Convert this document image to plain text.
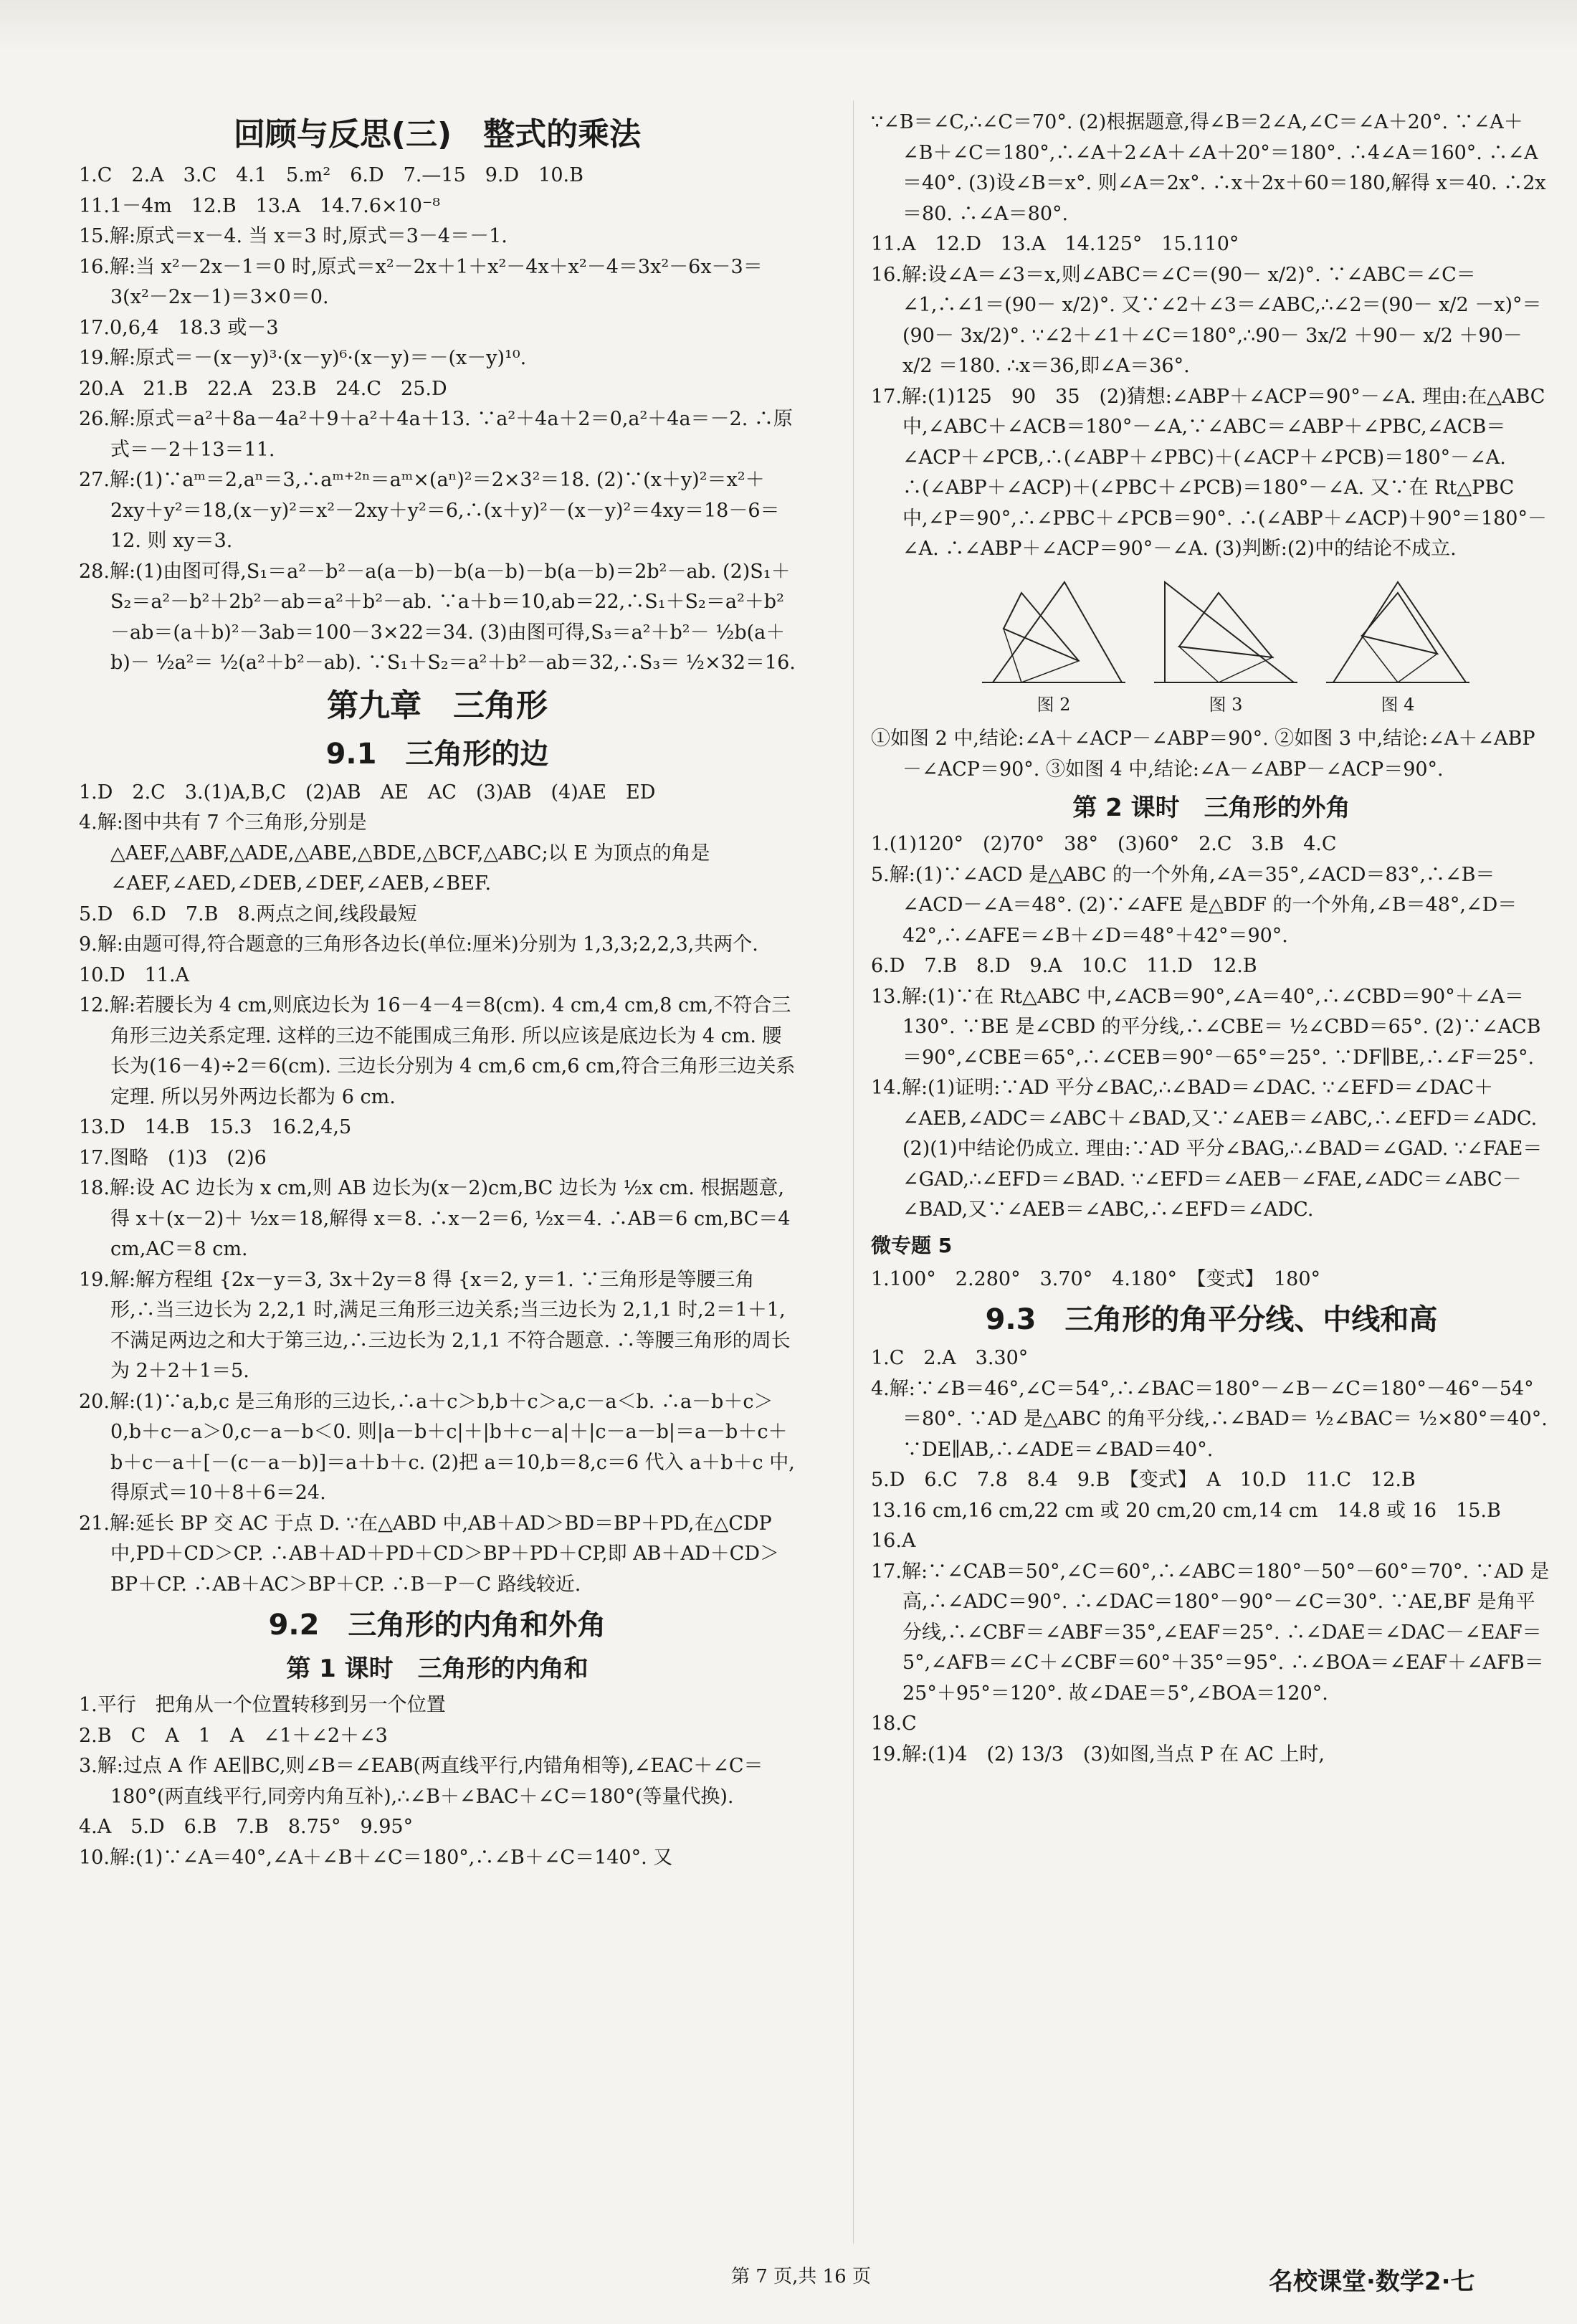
回顾与反思(三)　整式的乘法

1.C　2.A　3.C　4.1　5.m²　6.D　7.—15　9.D　10.B

11.1－4m　12.B　13.A　14.7.6×10⁻⁸

15.解:原式＝x－4. 当 x＝3 时,原式＝3－4＝－1.

16.解:当 x²－2x－1＝0 时,原式＝x²－2x＋1＋x²－4x＋x²－4＝3x²－6x－3＝3(x²－2x－1)＝3×0＝0.

17.0,6,4　18.3 或－3

19.解:原式＝－(x－y)³·(x－y)⁶·(x－y)＝－(x－y)¹⁰.

20.A　21.B　22.A　23.B　24.C　25.D

26.解:原式＝a²＋8a－4a²＋9＋a²＋4a＋13. ∵a²＋4a＋2＝0,a²＋4a＝－2. ∴原式＝－2＋13＝11.

27.解:(1)∵aᵐ＝2,aⁿ＝3,∴aᵐ⁺²ⁿ＝aᵐ×(aⁿ)²＝2×3²＝18. (2)∵(x＋y)²＝x²＋2xy＋y²＝18,(x－y)²＝x²－2xy＋y²＝6,∴(x＋y)²－(x－y)²＝4xy＝18－6＝12. 则 xy＝3.

28.解:(1)由图可得,S₁＝a²－b²－a(a－b)－b(a－b)－b(a－b)＝2b²－ab. (2)S₁＋S₂＝a²－b²＋2b²－ab＝a²＋b²－ab. ∵a＋b＝10,ab＝22,∴S₁＋S₂＝a²＋b²－ab＝(a＋b)²－3ab＝100－3×22＝34. (3)由图可得,S₃＝a²＋b²－ ½b(a＋b)－ ½a²＝ ½(a²＋b²－ab). ∵S₁＋S₂＝a²＋b²－ab＝32,∴S₃＝ ½×32＝16.

第九章　三角形
9.1　三角形的边

1.D　2.C　3.(1)A,B,C　(2)AB　AE　AC　(3)AB　(4)AE　ED

4.解:图中共有 7 个三角形,分别是△AEF,△ABF,△ADE,△ABE,△BDE,△BCF,△ABC;以 E 为顶点的角是∠AEF,∠AED,∠DEB,∠DEF,∠AEB,∠BEF.

5.D　6.D　7.B　8.两点之间,线段最短

9.解:由题可得,符合题意的三角形各边长(单位:厘米)分别为 1,3,3;2,2,3,共两个.

10.D　11.A

12.解:若腰长为 4 cm,则底边长为 16－4－4＝8(cm). 4 cm,4 cm,8 cm,不符合三角形三边关系定理. 这样的三边不能围成三角形. 所以应该是底边长为 4 cm. 腰长为(16－4)÷2＝6(cm). 三边长分别为 4 cm,6 cm,6 cm,符合三角形三边关系定理. 所以另外两边长都为 6 cm.

13.D　14.B　15.3　16.2,4,5

17.图略　(1)3　(2)6

18.解:设 AC 边长为 x cm,则 AB 边长为(x－2)cm,BC 边长为 ½x cm. 根据题意,得 x＋(x－2)＋ ½x＝18,解得 x＝8. ∴x－2＝6, ½x＝4. ∴AB＝6 cm,BC＝4 cm,AC＝8 cm.

19.解:解方程组 {2x－y＝3, 3x＋2y＝8 得 {x＝2, y＝1. ∵三角形是等腰三角形,∴当三边长为 2,2,1 时,满足三角形三边关系;当三边长为 2,1,1 时,2＝1＋1,不满足两边之和大于第三边,∴三边长为 2,1,1 不符合题意. ∴等腰三角形的周长为 2＋2＋1＝5.

20.解:(1)∵a,b,c 是三角形的三边长,∴a＋c＞b,b＋c＞a,c－a＜b. ∴a－b＋c＞0,b＋c－a＞0,c－a－b＜0. 则|a－b＋c|＋|b＋c－a|＋|c－a－b|＝a－b＋c＋b＋c－a＋[－(c－a－b)]＝a＋b＋c. (2)把 a＝10,b＝8,c＝6 代入 a＋b＋c 中,得原式＝10＋8＋6＝24.

21.解:延长 BP 交 AC 于点 D. ∵在△ABD 中,AB＋AD＞BD＝BP＋PD,在△CDP 中,PD＋CD＞CP. ∴AB＋AD＋PD＋CD＞BP＋PD＋CP,即 AB＋AD＋CD＞BP＋CP. ∴AB＋AC＞BP＋CP. ∴B－P－C 路线较近.

9.2　三角形的内角和外角
第 1 课时　三角形的内角和

1.平行　把角从一个位置转移到另一个位置

2.B　C　A　1　A　∠1＋∠2＋∠3

3.解:过点 A 作 AE∥BC,则∠B＝∠EAB(两直线平行,内错角相等),∠EAC＋∠C＝180°(两直线平行,同旁内角互补),∴∠B＋∠BAC＋∠C＝180°(等量代换).

4.A　5.D　6.B　7.B　8.75°　9.95°

10.解:(1)∵∠A＝40°,∠A＋∠B＋∠C＝180°,∴∠B＋∠C＝140°. 又

∵∠B＝∠C,∴∠C＝70°. (2)根据题意,得∠B＝2∠A,∠C＝∠A＋20°. ∵∠A＋∠B＋∠C＝180°,∴∠A＋2∠A＋∠A＋20°＝180°. ∴4∠A＝160°. ∴∠A＝40°. (3)设∠B＝x°. 则∠A＝2x°. ∴x＋2x＋60＝180,解得 x＝40. ∴2x＝80. ∴∠A＝80°.

11.A　12.D　13.A　14.125°　15.110°

16.解:设∠A＝∠3＝x,则∠ABC＝∠C＝(90－ x/2)°. ∵∠ABC＝∠C＝∠1,∴∠1＝(90－ x/2)°. 又∵∠2＋∠3＝∠ABC,∴∠2＝(90－ x/2 －x)°＝(90－ 3x/2)°. ∵∠2＋∠1＋∠C＝180°,∴90－ 3x/2 ＋90－ x/2 ＋90－ x/2 ＝180. ∴x＝36,即∠A＝36°.

17.解:(1)125　90　35　(2)猜想:∠ABP＋∠ACP＝90°－∠A. 理由:在△ABC 中,∠ABC＋∠ACB＝180°－∠A,∵∠ABC＝∠ABP＋∠PBC,∠ACB＝∠ACP＋∠PCB,∴(∠ABP＋∠PBC)＋(∠ACP＋∠PCB)＝180°－∠A. ∴(∠ABP＋∠ACP)＋(∠PBC＋∠PCB)＝180°－∠A. 又∵在 Rt△PBC 中,∠P＝90°,∴∠PBC＋∠PCB＝90°. ∴(∠ABP＋∠ACP)＋90°＝180°－∠A. ∴∠ABP＋∠ACP＝90°－∠A. (3)判断:(2)中的结论不成立.

图 2	图 3	图 4

①如图 2 中,结论:∠A＋∠ACP－∠ABP＝90°. ②如图 3 中,结论:∠A＋∠ABP－∠ACP＝90°. ③如图 4 中,结论:∠A－∠ABP－∠ACP＝90°.

第 2 课时　三角形的外角

1.(1)120°　(2)70°　38°　(3)60°　2.C　3.B　4.C

5.解:(1)∵∠ACD 是△ABC 的一个外角,∠A＝35°,∠ACD＝83°,∴∠B＝∠ACD－∠A＝48°. (2)∵∠AFE 是△BDF 的一个外角,∠B＝48°,∠D＝42°,∴∠AFE＝∠B＋∠D＝48°＋42°＝90°.

6.D　7.B　8.D　9.A　10.C　11.D　12.B

13.解:(1)∵在 Rt△ABC 中,∠ACB＝90°,∠A＝40°,∴∠CBD＝90°＋∠A＝130°. ∵BE 是∠CBD 的平分线,∴∠CBE＝ ½∠CBD＝65°. (2)∵∠ACB＝90°,∠CBE＝65°,∴∠CEB＝90°－65°＝25°. ∵DF∥BE,∴∠F＝25°.

14.解:(1)证明:∵AD 平分∠BAC,∴∠BAD＝∠DAC. ∵∠EFD＝∠DAC＋∠AEB,∠ADC＝∠ABC＋∠BAD,又∵∠AEB＝∠ABC,∴∠EFD＝∠ADC. (2)(1)中结论仍成立. 理由:∵AD 平分∠BAG,∴∠BAD＝∠GAD. ∵∠FAE＝∠GAD,∴∠EFD＝∠BAD. ∵∠EFD＝∠AEB－∠FAE,∠ADC＝∠ABC－∠BAD,又∵∠AEB＝∠ABC,∴∠EFD＝∠ADC.

微专题 5

1.100°　2.280°　3.70°　4.180°　【变式】　180°

9.3　三角形的角平分线、中线和高

1.C　2.A　3.30°

4.解:∵∠B＝46°,∠C＝54°,∴∠BAC＝180°－∠B－∠C＝180°－46°－54°＝80°. ∵AD 是△ABC 的角平分线,∴∠BAD＝ ½∠BAC＝ ½×80°＝40°. ∵DE∥AB,∴∠ADE＝∠BAD＝40°.

5.D　6.C　7.8　8.4　9.B　【变式】　A　10.D　11.C　12.B

13.16 cm,16 cm,22 cm 或 20 cm,20 cm,14 cm　14.8 或 16　15.B

16.A

17.解:∵∠CAB＝50°,∠C＝60°,∴∠ABC＝180°－50°－60°＝70°. ∵AD 是高,∴∠ADC＝90°. ∴∠DAC＝180°－90°－∠C＝30°. ∵AE,BF 是角平分线,∴∠CBF＝∠ABF＝35°,∠EAF＝25°. ∴∠DAE＝∠DAC－∠EAF＝5°,∠AFB＝∠C＋∠CBF＝60°＋35°＝95°. ∴∠BOA＝∠EAF＋∠AFB＝25°＋95°＝120°. 故∠DAE＝5°,∠BOA＝120°.

18.C

19.解:(1)4　(2) 13/3　(3)如图,当点 P 在 AC 上时,

第 7 页,共 16 页	名校课堂·数学2·七
